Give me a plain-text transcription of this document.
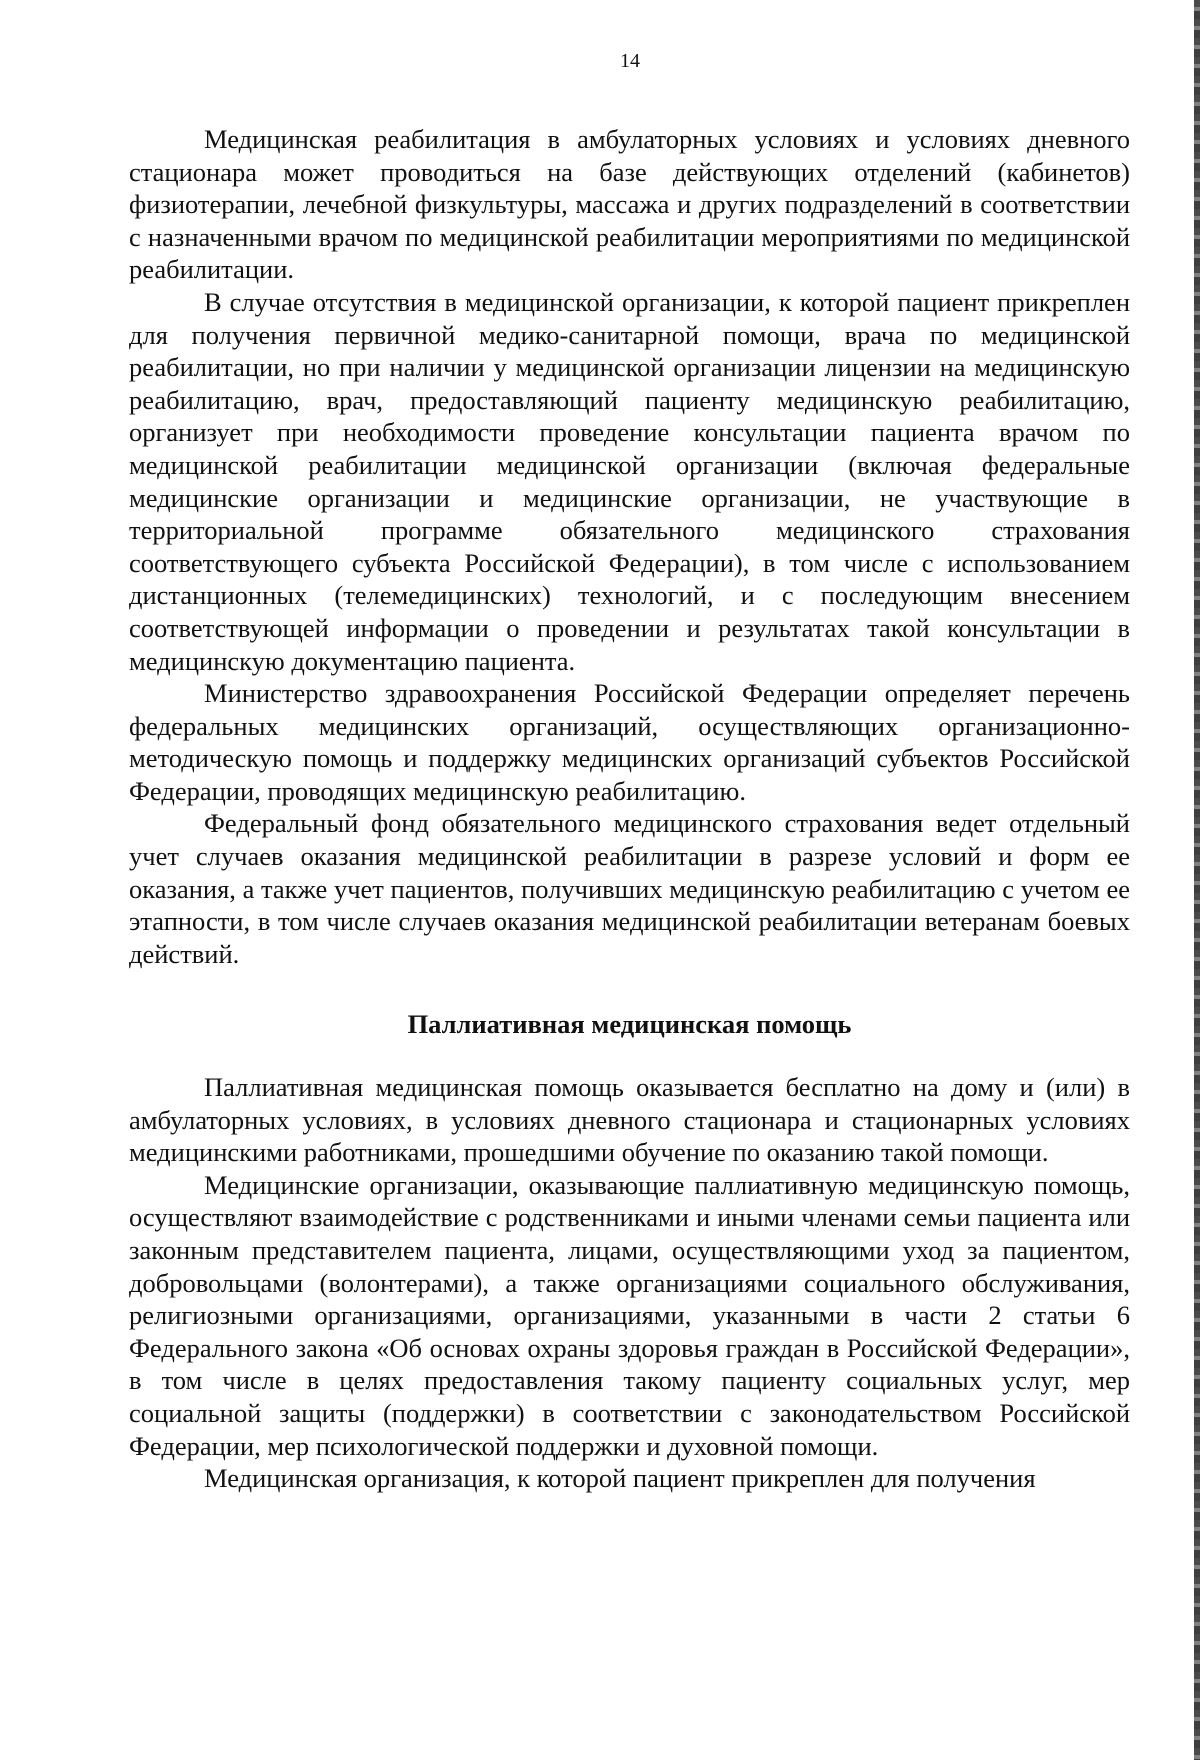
14

Медицинская реабилитация в амбулаторных условиях и условиях дневного стационара может проводиться на базе действующих отделений (кабинетов) физиотерапии, лечебной физкультуры, массажа и других подразделений в соответствии с назначенными врачом по медицинской реабилитации мероприятиями по медицинской реабилитации.

В случае отсутствия в медицинской организации, к которой пациент прикреплен для получения первичной медико-санитарной помощи, врача по медицинской реабилитации, но при наличии у медицинской организации лицензии на медицинскую реабилитацию, врач, предоставляющий пациенту медицинскую реабилитацию, организует при необходимости проведение консультации пациента врачом по медицинской реабилитации медицинской организации (включая федеральные медицинские организации и медицинские организации, не участвующие в территориальной программе обязательного медицинского страхования соответствующего субъекта Российской Федерации), в том числе с использованием дистанционных (телемедицинских) технологий, и с последующим внесением соответствующей информации о проведении и результатах такой консультации в медицинскую документацию пациента.

Министерство здравоохранения Российской Федерации определяет перечень федеральных медицинских организаций, осуществляющих организационно-методическую помощь и поддержку медицинских организаций субъектов Российской Федерации, проводящих медицинскую реабилитацию.

Федеральный фонд обязательного медицинского страхования ведет отдельный учет случаев оказания медицинской реабилитации в разрезе условий и форм ее оказания, а также учет пациентов, получивших медицинскую реабилитацию с учетом ее этапности, в том числе случаев оказания медицинской реабилитации ветеранам боевых действий.

Паллиативная медицинская помощь

Паллиативная медицинская помощь оказывается бесплатно на дому и (или) в амбулаторных условиях, в условиях дневного стационара и стационарных условиях медицинскими работниками, прошедшими обучение по оказанию такой помощи.

Медицинские организации, оказывающие паллиативную медицинскую помощь, осуществляют взаимодействие с родственниками и иными членами семьи пациента или законным представителем пациента, лицами, осуществляющими уход за пациентом, добровольцами (волонтерами), а также организациями социального обслуживания, религиозными организациями, организациями, указанными в части 2 статьи 6 Федерального закона «Об основах охраны здоровья граждан в Российской Федерации», в том числе в целях предоставления такому пациенту социальных услуг, мер социальной защиты (поддержки) в соответствии с законодательством Российской Федерации, мер психологической поддержки и духовной помощи.

Медицинская организация, к которой пациент прикреплен для получения
